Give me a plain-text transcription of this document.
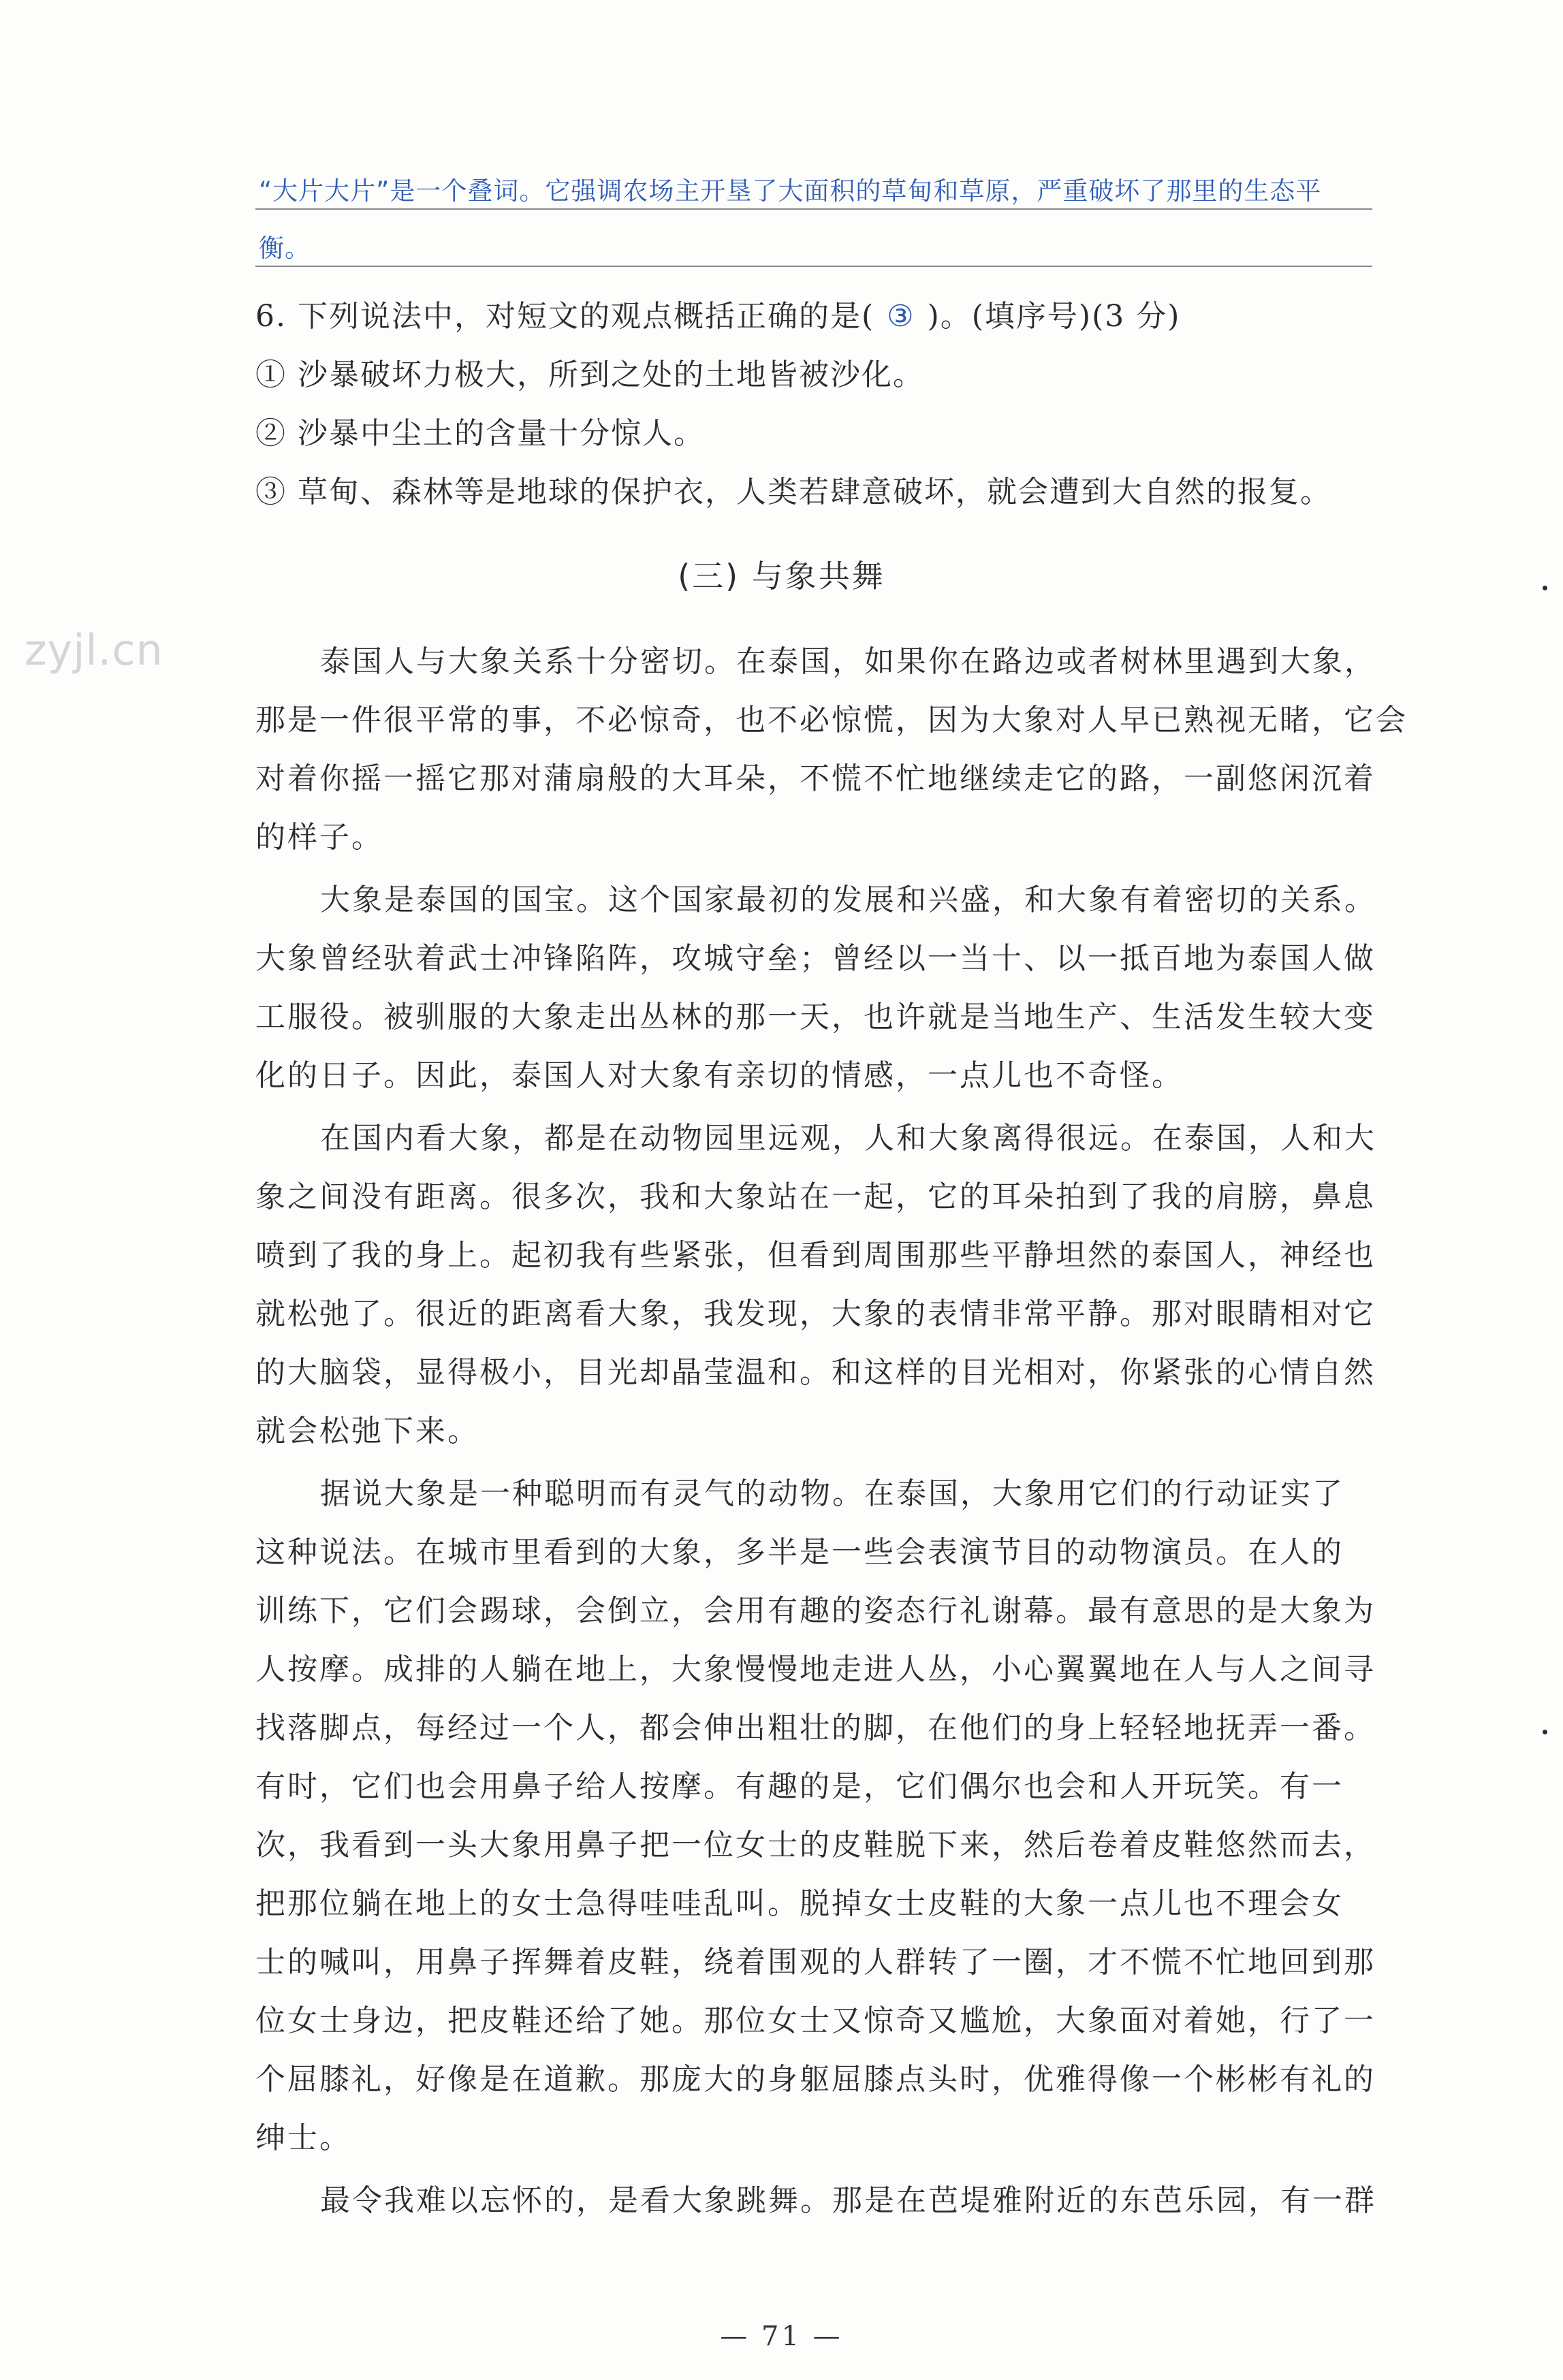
“大片大片”是一个叠词。它强调农场主开垦了大面积的草甸和草原，严重破坏了那里的生态平
衡。
6. 下列说法中，对短文的观点概括正确的是( ③ )。(填序号)(3 分)
① 沙暴破坏力极大，所到之处的土地皆被沙化。
② 沙暴中尘土的含量十分惊人。
③ 草甸、森林等是地球的保护衣，人类若肆意破坏，就会遭到大自然的报复。
(三) 与象共舞
zyjl.cn	泰国人与大象关系十分密切。在泰国，如果你在路边或者树林里遇到大象，
那是一件很平常的事，不必惊奇，也不必惊慌，因为大象对人早已熟视无睹，它会
对着你摇一摇它那对蒲扇般的大耳朵，不慌不忙地继续走它的路，一副悠闲沉着
的样子。
大象是泰国的国宝。这个国家最初的发展和兴盛，和大象有着密切的关系。
大象曾经驮着武士冲锋陷阵，攻城守垒；曾经以一当十、以一抵百地为泰国人做
工服役。被驯服的大象走出丛林的那一天，也许就是当地生产、生活发生较大变
化的日子。因此，泰国人对大象有亲切的情感，一点儿也不奇怪。
在国内看大象，都是在动物园里远观，人和大象离得很远。在泰国，人和大
象之间没有距离。很多次，我和大象站在一起，它的耳朵拍到了我的肩膀，鼻息
喷到了我的身上。起初我有些紧张，但看到周围那些平静坦然的泰国人，神经也
就松弛了。很近的距离看大象，我发现，大象的表情非常平静。那对眼睛相对它
的大脑袋，显得极小，目光却晶莹温和。和这样的目光相对，你紧张的心情自然
就会松弛下来。
据说大象是一种聪明而有灵气的动物。在泰国，大象用它们的行动证实了
这种说法。在城市里看到的大象，多半是一些会表演节目的动物演员。在人的
训练下，它们会踢球，会倒立，会用有趣的姿态行礼谢幕。最有意思的是大象为
人按摩。成排的人躺在地上，大象慢慢地走进人丛，小心翼翼地在人与人之间寻
找落脚点，每经过一个人，都会伸出粗壮的脚，在他们的身上轻轻地抚弄一番。
有时，它们也会用鼻子给人按摩。有趣的是，它们偶尔也会和人开玩笑。有一
次，我看到一头大象用鼻子把一位女士的皮鞋脱下来，然后卷着皮鞋悠然而去，
把那位躺在地上的女士急得哇哇乱叫。脱掉女士皮鞋的大象一点儿也不理会女
士的喊叫，用鼻子挥舞着皮鞋，绕着围观的人群转了一圈，才不慌不忙地回到那
位女士身边，把皮鞋还给了她。那位女士又惊奇又尴尬，大象面对着她，行了一
个屈膝礼，好像是在道歉。那庞大的身躯屈膝点头时，优雅得像一个彬彬有礼的
绅士。
最令我难以忘怀的，是看大象跳舞。那是在芭堤雅附近的东芭乐园，有一群
— 71 —
